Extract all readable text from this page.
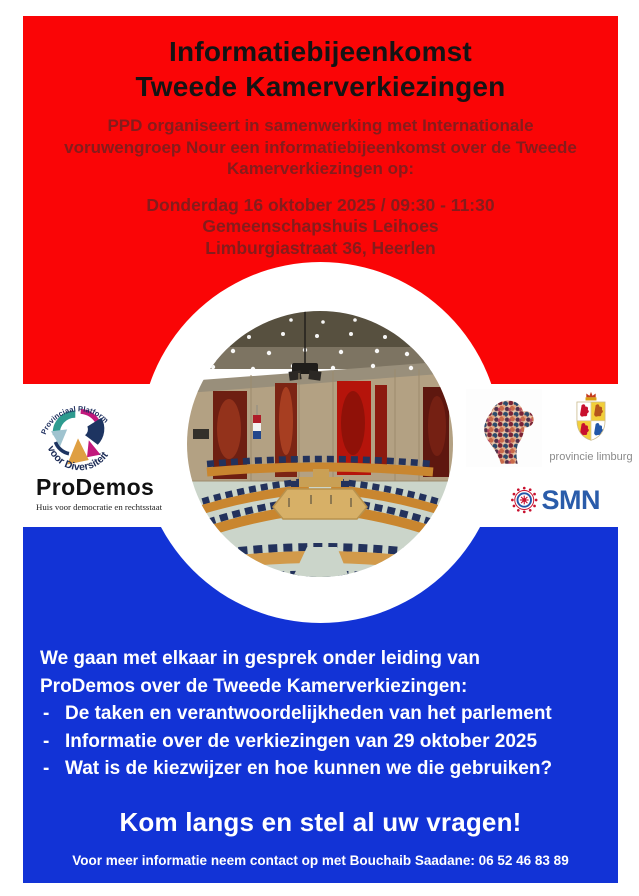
Informatiebijeenkomst
Tweede Kamerverkiezingen

PPD organiseert in samenwerking met Internationale
voruwengroep Nour een informatiebijeenkomst over de Tweede
Kamerverkiezingen op:

Donderdag 16 oktober 2025 / 09:30 - 11:30
Gemeenschapshuis Leihoes
Limburgiastraat 36, Heerlen

We gaan met elkaar in gesprek onder leiding van
ProDemos over de Tweede Kamerverkiezingen:
- De taken en verantwoordelijkheden van het parlement
- Informatie over de verkiezingen van 29 oktober 2025
- Wat is de kiezwijzer en hoe kunnen we die gebruiken?

Kom langs en stel al uw vragen!

Voor meer informatie neem contact op met Bouchaib Saadane: 06 52 46 83 89

Provinciaal Platform
voor Diversiteit
ProDemos
Huis voor democratie en rechtsstaat
provincie limburg
SMN
